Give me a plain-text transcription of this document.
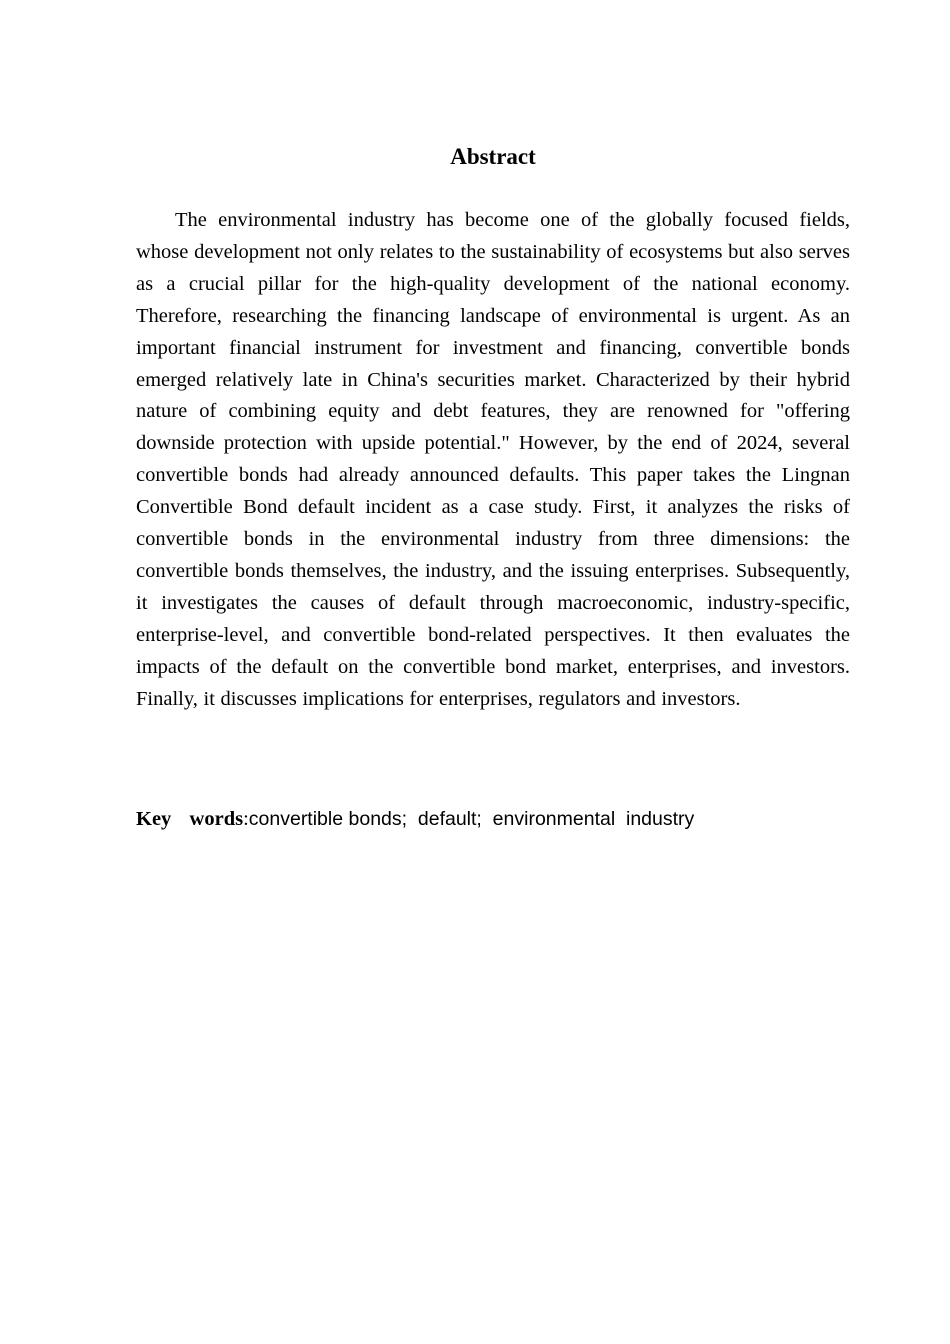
Abstract

The environmental industry has become one of the globally focused fields, whose development not only relates to the sustainability of ecosystems but also serves as a crucial pillar for the high-quality development of the national economy. Therefore, researching the financing landscape of environmental is urgent. As an important financial instrument for investment and financing, convertible bonds emerged relatively late in China's securities market. Characterized by their hybrid nature of combining equity and debt features, they are renowned for "offering downside protection with upside potential." However, by the end of 2024, several convertible bonds had already announced defaults. This paper takes the Lingnan Convertible Bond default incident as a case study. First, it analyzes the risks of convertible bonds in the environmental industry from three dimensions: the convertible bonds themselves, the industry, and the issuing enterprises. Subsequently, it investigates the causes of default through macroeconomic, industry-specific, enterprise-level, and convertible bond-related perspectives. It then evaluates the impacts of the default on the convertible bond market, enterprises, and investors. Finally, it discusses implications for enterprises, regulators and investors.

Key  words:convertible bonds;  default;  environmental  industry
